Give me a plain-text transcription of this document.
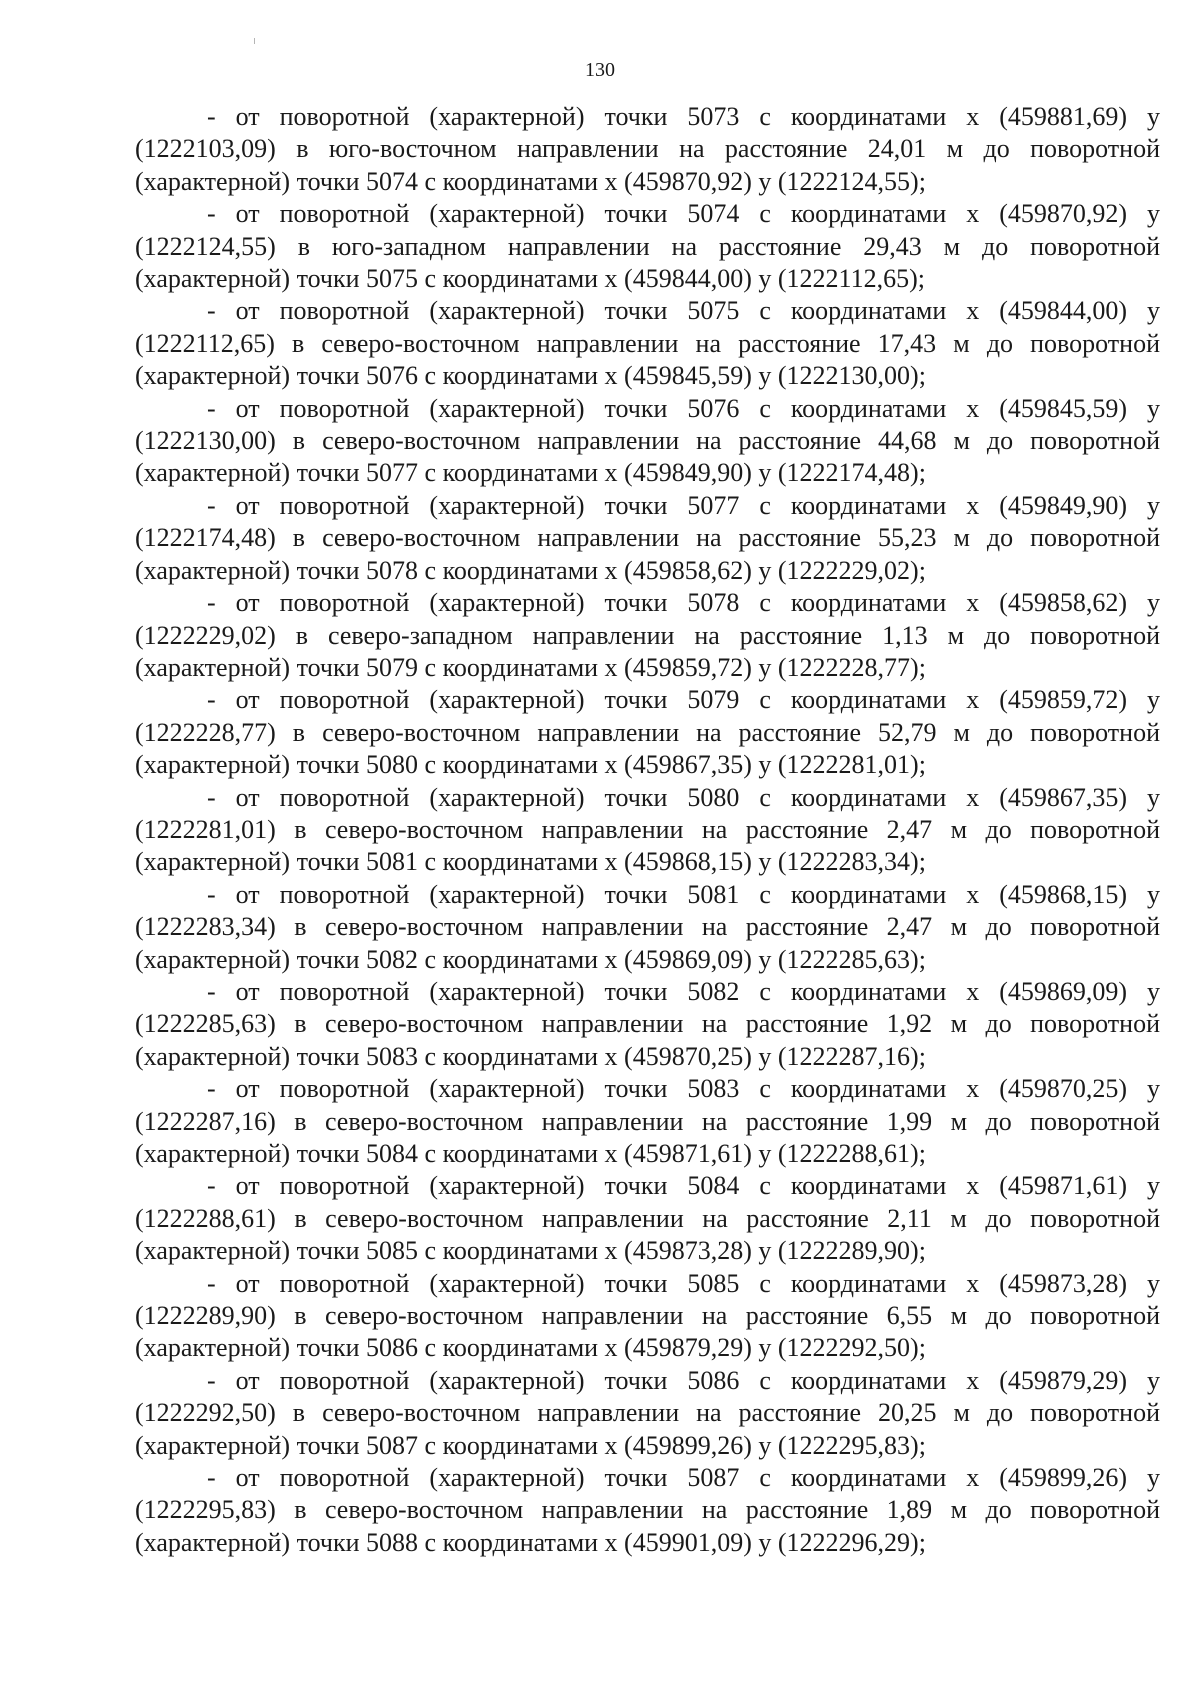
130

- от поворотной (характерной) точки 5073 с координатами x (459881,69) y (1222103,09) в юго-восточном направлении на расстояние 24,01 м до поворотной (характерной) точки 5074 с координатами x (459870,92) y (1222124,55);

- от поворотной (характерной) точки 5074 с координатами x (459870,92) y (1222124,55) в юго-западном направлении на расстояние 29,43 м до поворотной (характерной) точки 5075 с координатами x (459844,00) y (1222112,65);

- от поворотной (характерной) точки 5075 с координатами x (459844,00) y (1222112,65) в северо-восточном направлении на расстояние 17,43 м до поворотной (характерной) точки 5076 с координатами x (459845,59) y (1222130,00);

- от поворотной (характерной) точки 5076 с координатами x (459845,59) y (1222130,00) в северо-восточном направлении на расстояние 44,68 м до поворотной (характерной) точки 5077 с координатами x (459849,90) y (1222174,48);

- от поворотной (характерной) точки 5077 с координатами x (459849,90) y (1222174,48) в северо-восточном направлении на расстояние 55,23 м до поворотной (характерной) точки 5078 с координатами x (459858,62) y (1222229,02);

- от поворотной (характерной) точки 5078 с координатами x (459858,62) y (1222229,02) в северо-западном направлении на расстояние 1,13 м до поворотной (характерной) точки 5079 с координатами x (459859,72) y (1222228,77);

- от поворотной (характерной) точки 5079 с координатами x (459859,72) y (1222228,77) в северо-восточном направлении на расстояние 52,79 м до поворотной (характерной) точки 5080 с координатами x (459867,35) y (1222281,01);

- от поворотной (характерной) точки 5080 с координатами x (459867,35) y (1222281,01) в северо-восточном направлении на расстояние 2,47 м до поворотной (характерной) точки 5081 с координатами x (459868,15) y (1222283,34);

- от поворотной (характерной) точки 5081 с координатами x (459868,15) y (1222283,34) в северо-восточном направлении на расстояние 2,47 м до поворотной (характерной) точки 5082 с координатами x (459869,09) y (1222285,63);

- от поворотной (характерной) точки 5082 с координатами x (459869,09) y (1222285,63) в северо-восточном направлении на расстояние 1,92 м до поворотной (характерной) точки 5083 с координатами x (459870,25) y (1222287,16);

- от поворотной (характерной) точки 5083 с координатами x (459870,25) y (1222287,16) в северо-восточном направлении на расстояние 1,99 м до поворотной (характерной) точки 5084 с координатами x (459871,61) y (1222288,61);

- от поворотной (характерной) точки 5084 с координатами x (459871,61) y (1222288,61) в северо-восточном направлении на расстояние 2,11 м до поворотной (характерной) точки 5085 с координатами x (459873,28) y (1222289,90);

- от поворотной (характерной) точки 5085 с координатами x (459873,28) y (1222289,90) в северо-восточном направлении на расстояние 6,55 м до поворотной (характерной) точки 5086 с координатами x (459879,29) y (1222292,50);

- от поворотной (характерной) точки 5086 с координатами x (459879,29) y (1222292,50) в северо-восточном направлении на расстояние 20,25 м до поворотной (характерной) точки 5087 с координатами x (459899,26) y (1222295,83);

- от поворотной (характерной) точки 5087 с координатами x (459899,26) y (1222295,83) в северо-восточном направлении на расстояние 1,89 м до поворотной (характерной) точки 5088 с координатами x (459901,09) y (1222296,29);
